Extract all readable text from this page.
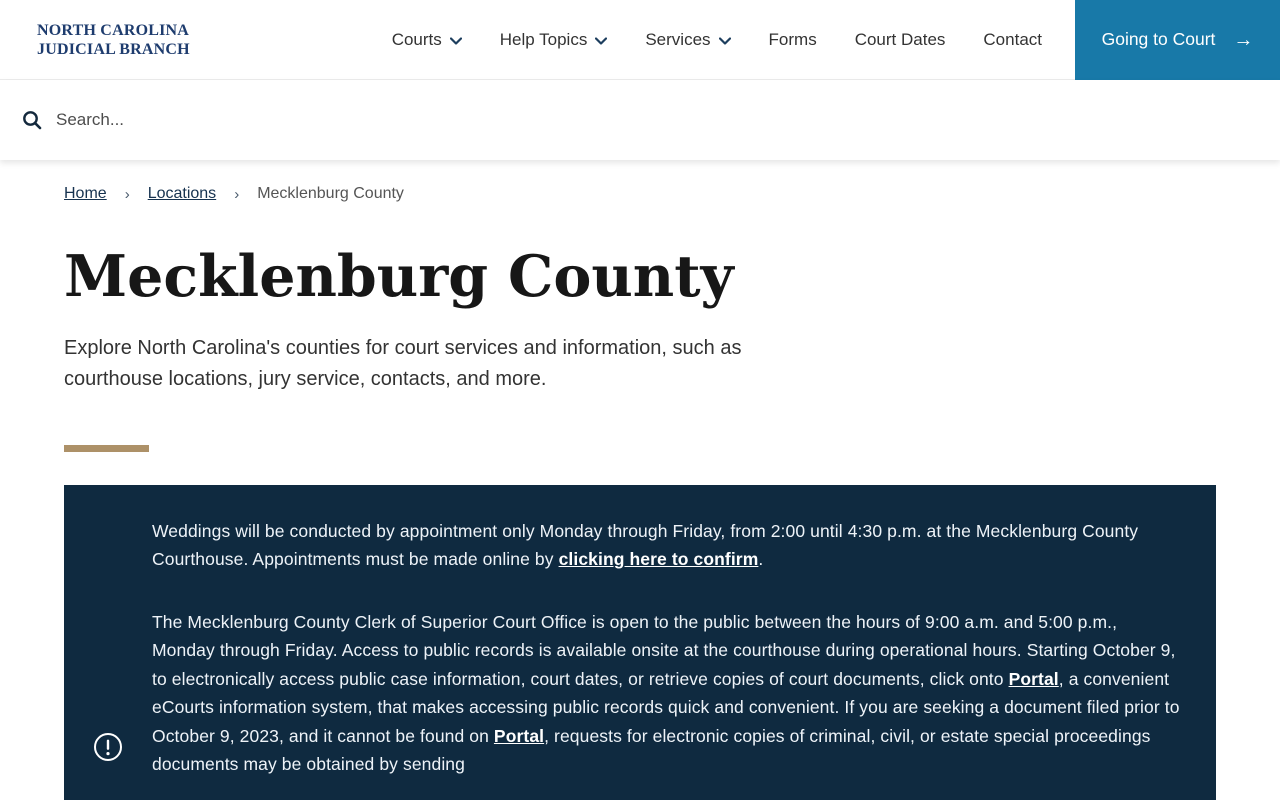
NORTH CAROLINA
JUDICIAL BRANCH
Courts	Help Topics	Services	Forms Court Dates Contact	Going to Court →
Search...
Home › Locations › Mecklenburg County
Mecklenburg County

Explore North Carolina's counties for court services and information, such as courthouse locations, jury service, contacts, and more.

Weddings will be conducted by appointment only Monday through Friday, from 2:00 until 4:30 p.m. at the Mecklenburg County Courthouse. Appointments must be made online by clicking here to confirm.

The Mecklenburg County Clerk of Superior Court Office is open to the public between the hours of 9:00 a.m. and 5:00 p.m., Monday through Friday. Access to public records is available onsite at the courthouse during operational hours. Starting October 9, to electronically access public case information, court dates, or retrieve copies of court documents, click onto Portal, a convenient eCourts information system, that makes accessing public records quick and convenient. If you are seeking a document filed prior to October 9, 2023, and it cannot be found on Portal, requests for electronic copies of criminal, civil, or estate special proceedings documents may be obtained by sending
